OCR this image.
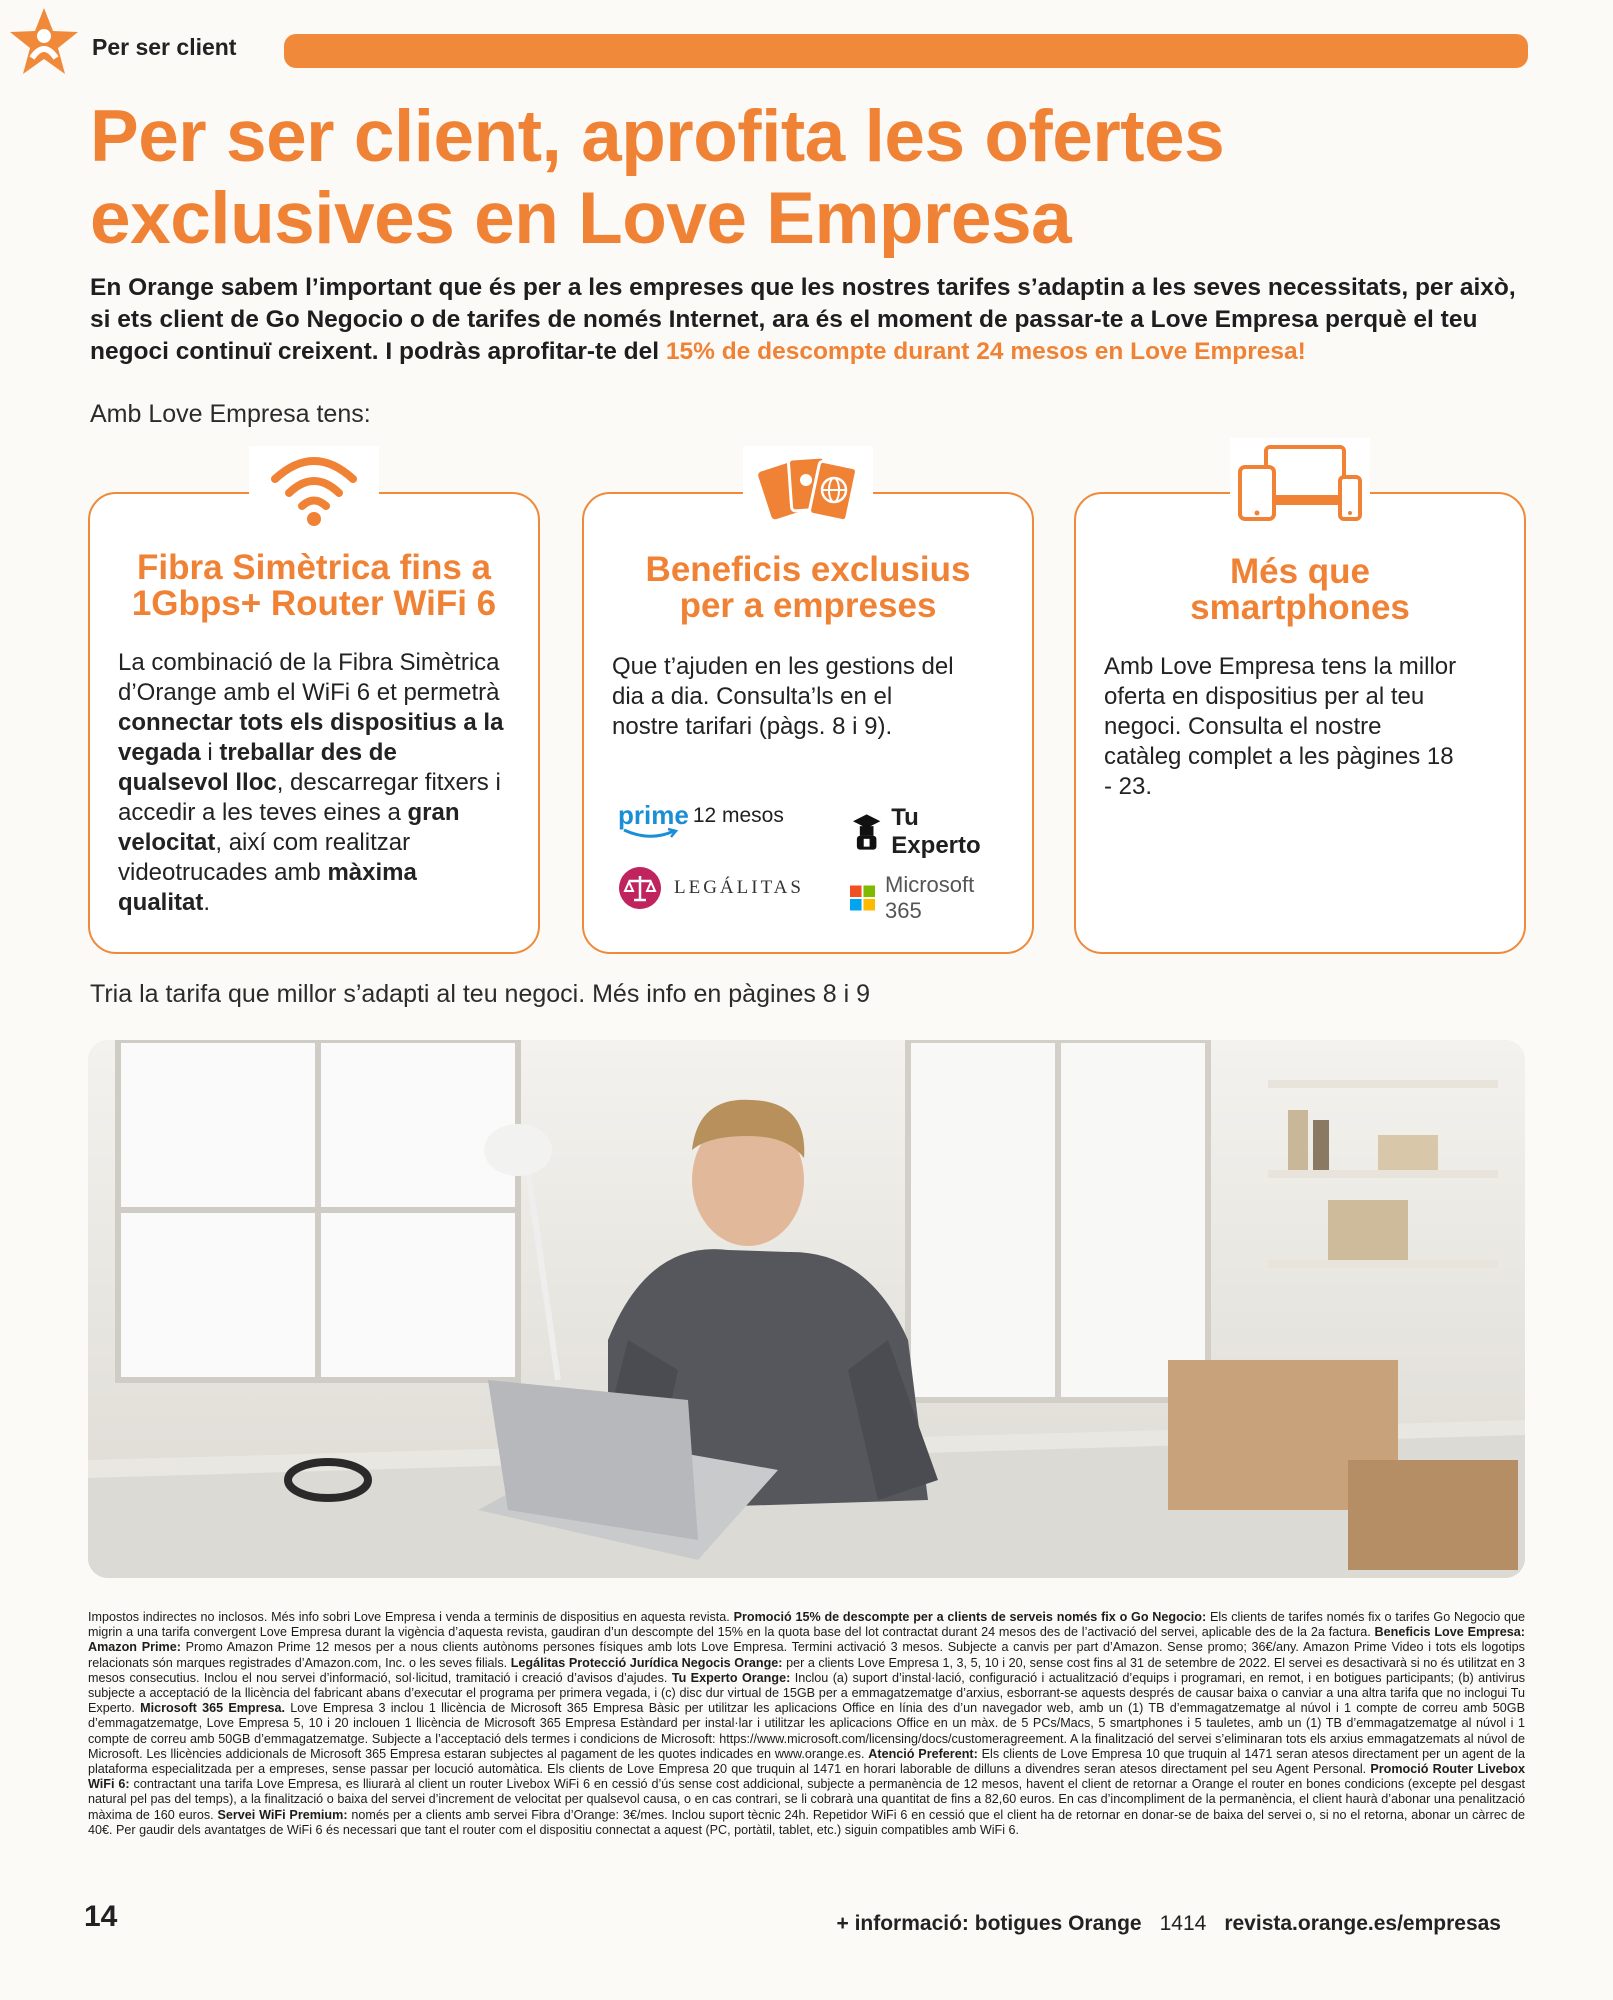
Per ser client
Per ser client, aprofita les ofertes
exclusives en Love Empresa

En Orange sabem l’important que és per a les empreses que les nostres tarifes s’adaptin a les seves necessitats, per això, si ets client de Go Negocio o de tarifes de només Internet, ara és el moment de passar-te a Love Empresa perquè el teu negoci continuï creixent. I podràs aprofitar-te del 15% de descompte durant 24 mesos en Love Empresa!

Amb Love Empresa tens:
Fibra Simètrica fins a
1Gbps+ Router WiFi 6

La combinació de la Fibra Simètrica d’Orange amb el WiFi 6 et permetrà connectar tots els dispositius a la vegada i treballar des de qualsevol lloc, descarregar fitxers i accedir a les teves eines a gran velocitat, així com realitzar videotrucades amb màxima qualitat.

Beneficis exclusius
per a empreses

Que t’ajuden en les gestions del dia a dia. Consulta’ls en el nostre tarifari (pàgs. 8 i 9).

prime 12 mesos	Tu Experto
LEGÁLITAS	Microsoft 365
Més que
smartphones

Amb Love Empresa tens la millor oferta en dispositius per al teu negoci. Consulta el nostre catàleg complet a les pàgines 18 - 23.

Tria la tarifa que millor s’adapti al teu negoci. Més info en pàgines 8 i 9

Impostos indirectes no inclosos. Més info sobri Love Empresa i venda a terminis de dispositius en aquesta revista. Promoció 15% de descompte per a clients de serveis només fix o Go Negocio: Els clients de tarifes només fix o tarifes Go Negocio que migrin a una tarifa convergent Love Empresa durant la vigència d’aquesta revista, gaudiran d’un descompte del 15% en la quota base del lot contractat durant 24 mesos des de l’activació del servei, aplicable des de la 2a factura. Beneficis Love Empresa: Amazon Prime: Promo Amazon Prime 12 mesos per a nous clients autònoms persones físiques amb lots Love Empresa. Termini activació 3 mesos. Subjecte a canvis per part d’Amazon. Sense promo; 36€/any. Amazon Prime Video i tots els logotips relacionats són marques registrades d’Amazon.com, Inc. o les seves filials. Legálitas Protecció Jurídica Negocis Orange: per a clients Love Empresa 1, 3, 5, 10 i 20, sense cost fins al 31 de setembre de 2022. El servei es desactivarà si no és utilitzat en 3 mesos consecutius. Inclou el nou servei d’informació, sol·licitud, tramitació i creació d’avisos d’ajudes. Tu Experto Orange: Inclou (a) suport d’instal·lació, configuració i actualització d’equips i programari, en remot, i en botigues participants; (b) antivirus subjecte a acceptació de la llicència del fabricant abans d’executar el programa per primera vegada, i (c) disc dur virtual de 15GB per a emmagatzematge d’arxius, esborrant-se aquests després de causar baixa o canviar a una altra tarifa que no inclogui Tu Experto. Microsoft 365 Empresa. Love Empresa 3 inclou 1 llicència de Microsoft 365 Empresa Bàsic per utilitzar les aplicacions Office en línia des d’un navegador web, amb un (1) TB d’emmagatzematge al núvol i 1 compte de correu amb 50GB d’emmagatzematge, Love Empresa 5, 10 i 20 inclouen 1 llicència de Microsoft 365 Empresa Estàndard per instal·lar i utilitzar les aplicacions Office en un màx. de 5 PCs/Macs, 5 smartphones i 5 tauletes, amb un (1) TB d’emmagatzematge al núvol i 1 compte de correu amb 50GB d’emmagatzematge. Subjecte a l’acceptació dels termes i condicions de Microsoft: https://www.microsoft.com/licensing/docs/customeragreement. A la finalització del servei s’eliminaran tots els arxius emmagatzemats al núvol de Microsoft. Les llicències addicionals de Microsoft 365 Empresa estaran subjectes al pagament de les quotes indicades en www.orange.es. Atenció Preferent: Els clients de Love Empresa 10 que truquin al 1471 seran atesos directament per un agent de la plataforma especialitzada per a empreses, sense passar per locució automàtica. Els clients de Love Empresa 20 que truquin al 1471 en horari laborable de dilluns a divendres seran atesos directament pel seu Agent Personal. Promoció Router Livebox WiFi 6: contractant una tarifa Love Empresa, es lliurarà al client un router Livebox WiFi 6 en cessió d’ús sense cost addicional, subjecte a permanència de 12 mesos, havent el client de retornar a Orange el router en bones condicions (excepte pel desgast natural pel pas del temps), a la finalització o baixa del servei d’increment de velocitat per qualsevol causa, o en cas contrari, se li cobrarà una quantitat de fins a 82,60 euros. En cas d’incompliment de la permanència, el client haurà d’abonar una penalització màxima de 160 euros. Servei WiFi Premium: només per a clients amb servei Fibra d’Orange: 3€/mes. Inclou suport tècnic 24h. Repetidor WiFi 6 en cessió que el client ha de retornar en donar-se de baixa del servei o, si no el retorna, abonar un càrrec de 40€. Per gaudir dels avantatges de WiFi 6 és necessari que tant el router com el dispositiu connectat a aquest (PC, portàtil, tablet, etc.) siguin compatibles amb WiFi 6.

14	+ informació: botigues Orange 1414 revista.orange.es/empresas
